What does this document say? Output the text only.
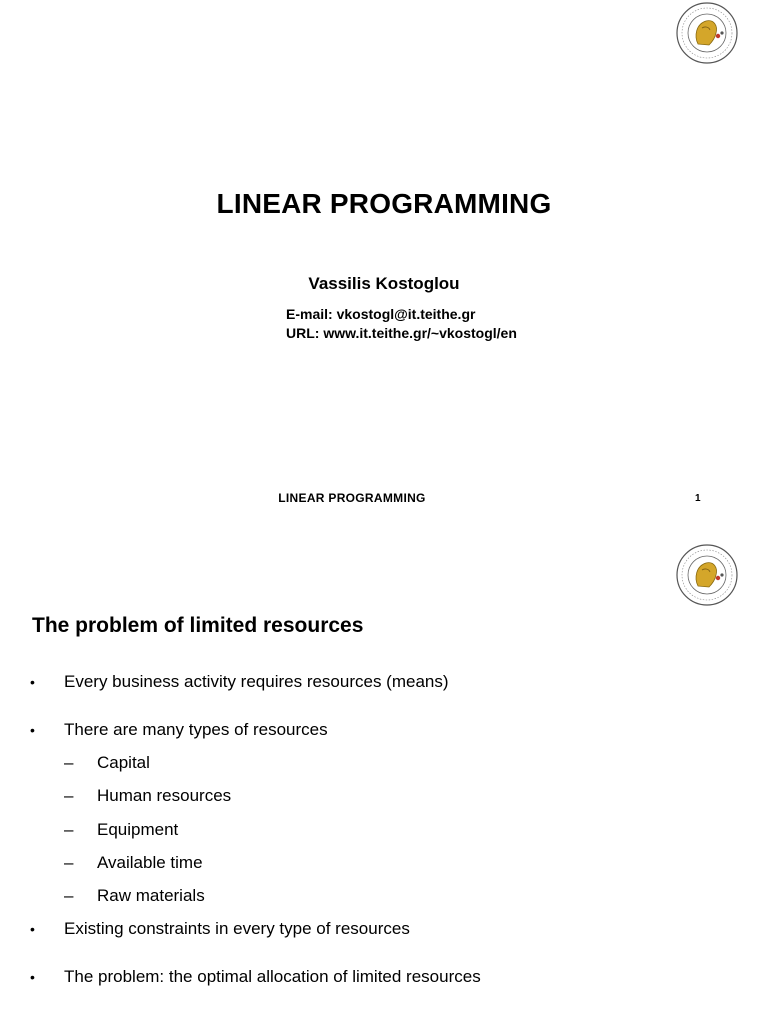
LINEAR PROGRAMMING
Vassilis Kostoglou
E-mail: vkostogl@it.teithe.gr
URL: www.it.teithe.gr/~vkostogl/en
LINEAR PROGRAMMING	1
The problem of limited resources
• Every business activity requires resources (means)
• There are many types of resources
– Capital
– Human resources
– Equipment
– Available time
– Raw materials
• Existing constraints in every type of resources
• The problem: the optimal allocation of limited resources
